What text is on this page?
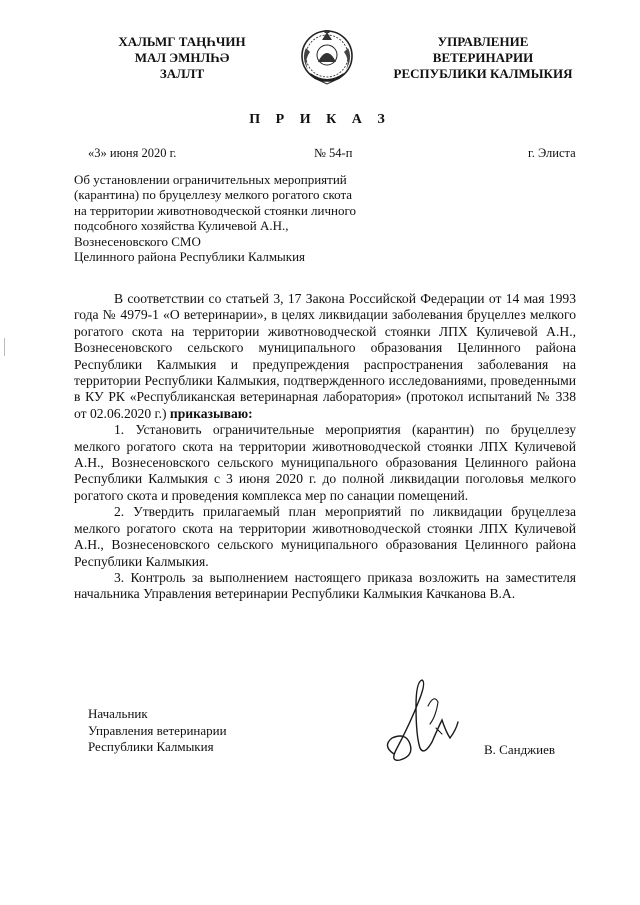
ХАЛЬМГ ТАҢҺЧИН
МАЛ ЭМНЛҺӘ
ЗАЛЛТ
УПРАВЛЕНИЕ
ВЕТЕРИНАРИИ
РЕСПУБЛИКИ КАЛМЫКИЯ
П Р И К А З
«3» июня 2020 г.	№ 54-п	г. Элиста
Об установлении ограничительных мероприятий
(карантина) по бруцеллезу мелкого рогатого скота
на территории животноводческой стоянки личного
подсобного хозяйства Куличевой А.Н.,
Вознесеновского СМО
Целинного района Республики Калмыкия

В соответствии со статьей 3, 17 Закона Российской Федерации от 14 мая 1993 года № 4979-1 «О ветеринарии», в целях ликвидации заболевания бруцеллез мелкого рогатого скота на территории животноводческой стоянки ЛПХ Куличевой А.Н., Вознесеновского сельского муниципального образования Целинного района Республики Калмыкия и предупреждения распространения заболевания на территории Республики Калмыкия, подтвержденного исследованиями, проведенными в КУ РК «Республиканская ветеринарная лаборатория» (протокол испытаний № 338 от 02.06.2020 г.) приказываю:

1. Установить ограничительные мероприятия (карантин) по бруцеллезу мелкого рогатого скота на территории животноводческой стоянки ЛПХ Куличевой А.Н., Вознесеновского сельского муниципального образования Целинного района Республики Калмыкия с 3 июня 2020 г. до полной ликвидации поголовья мелкого рогатого скота и проведения комплекса мер по санации помещений.

2. Утвердить прилагаемый план мероприятий по ликвидации бруцеллеза мелкого рогатого скота на территории животноводческой стоянки ЛПХ Куличевой А.Н., Вознесеновского сельского муниципального образования Целинного района Республики Калмыкия.

3. Контроль за выполнением настоящего приказа возложить на заместителя начальника Управления ветеринарии Республики Калмыкия Качканова В.А.

Начальник
Управления ветеринарии
Республики Калмыкия	В. Санджиев
